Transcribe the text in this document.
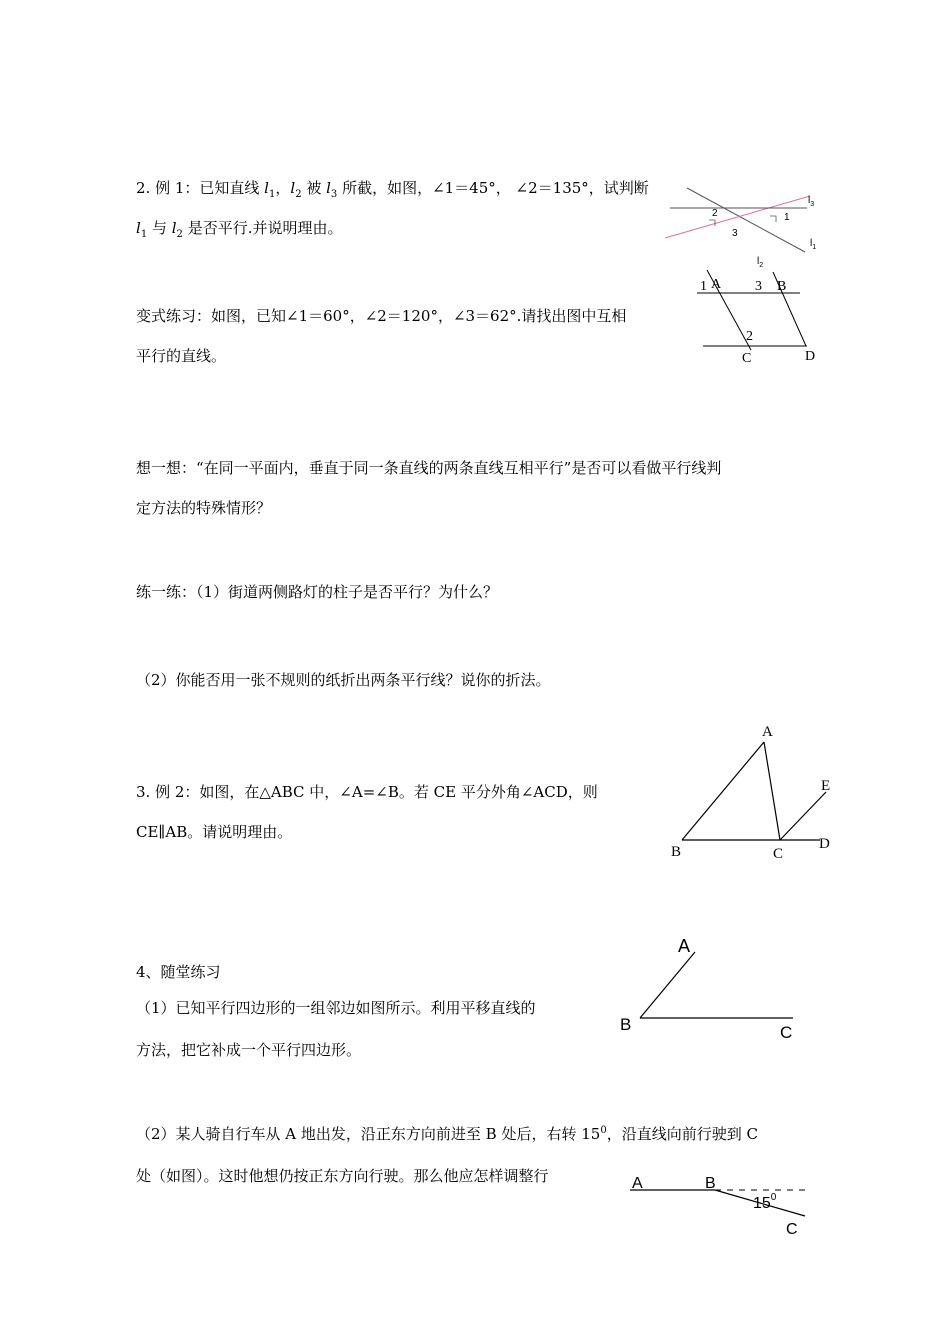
2. 例 1：已知直线 $l_1$，$l_2$ 被 $l_3$ 所截，如图，∠1＝45°， ∠2＝135°，试判断
$l_1$ 与 $l_2$ 是否平行.并说明理由。
2	1
3
$l_3$
$l_1$
$l_2$
变式练习：如图，已知∠1＝60°，∠2＝120°，∠3＝62°.请找出图中互相
平行的直线。
1 A 3 B
2
C	D
想一想：“在同一平面内，垂直于同一条直线的两条直线互相平行”是否可以看做平行线判
定方法的特殊情形？
练一练：（1）街道两侧路灯的柱子是否平行？为什么？
（2）你能否用一张不规则的纸折出两条平行线？说你的折法。
3. 例 2：如图，在△ABC 中，∠A=∠B。若 CE 平分外角∠ACD，则
CE∥AB。请说明理由。
A
B	C
D
E
4、随堂练习
（1）已知平行四边形的一组邻边如图所示。利用平移直线的
方法，把它补成一个平行四边形。
A
B	C
（2）某人骑自行车从 A 地出发，沿正东方向前进至 B 处后，右转 $15^0$，沿直线向前行驶到 C
处（如图）。这时他想仍按正东方向行驶。那么他应怎样调整行	A	B
C
$15^0$
